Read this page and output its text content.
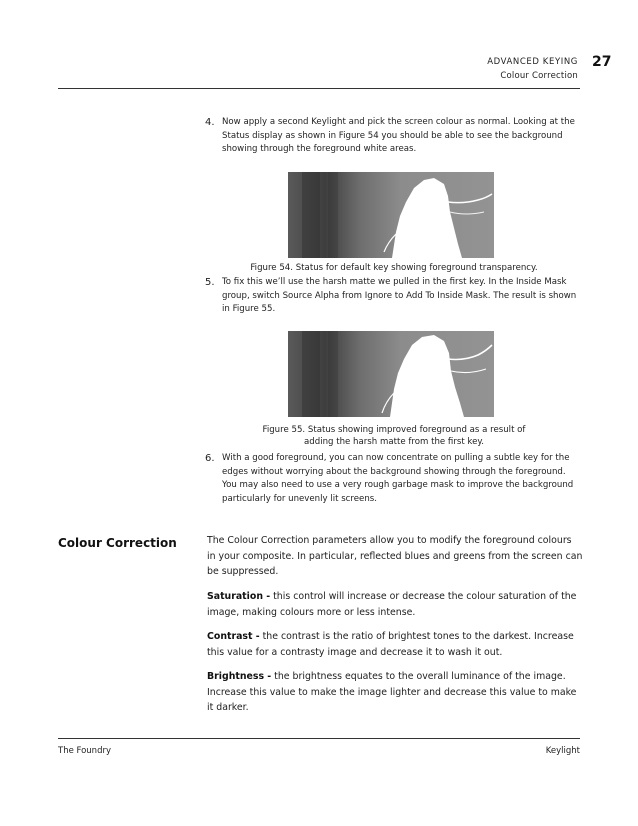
ADVANCED KEYING
Colour Correction
27
4. Now apply a second Keylight and pick the screen colour as normal. Looking at the Status display as shown in Figure 54 you should be able to see the background showing through the foreground white areas.
Figure 54. Status for default key showing foreground transparency.
5. To fix this we’ll use the harsh matte we pulled in the first key. In the Inside Mask group, switch Source Alpha from Ignore to Add To Inside Mask. The result is shown in Figure 55.
Figure 55. Status showing improved foreground as a result of
adding the harsh matte from the first key.
6. With a good foreground, you can now concentrate on pulling a subtle key for the edges without worrying about the background showing through the foreground. You may also need to use a very rough garbage mask to improve the background particularly for unevenly lit screens.
Colour Correction	The Colour Correction parameters allow you to modify the foreground colours in your composite. In particular, reflected blues and greens from the screen can be suppressed.
Saturation - this control will increase or decrease the colour saturation of the image, making colours more or less intense.
Contrast - the contrast is the ratio of brightest tones to the darkest. Increase this value for a contrasty image and decrease it to wash it out.
Brightness - the brightness equates to the overall luminance of the image. Increase this value to make the image lighter and decrease this value to make it darker.
The Foundry	Keylight
